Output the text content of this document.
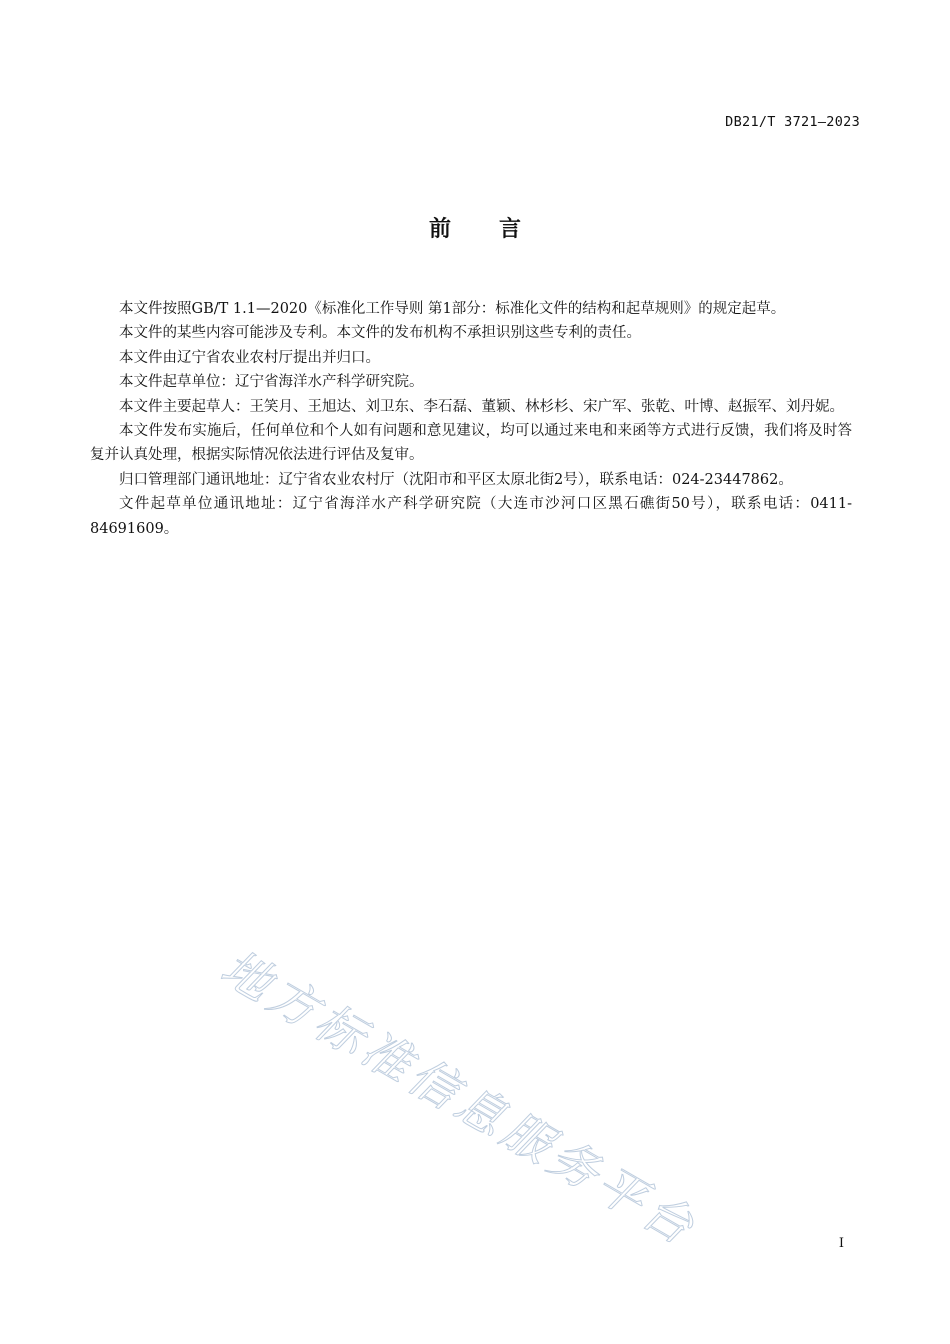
DB21/T 3721—2023
前言

本文件按照GB/T 1.1—2020《标准化工作导则 第1部分：标准化文件的结构和起草规则》的规定起草。

本文件的某些内容可能涉及专利。本文件的发布机构不承担识别这些专利的责任。

本文件由辽宁省农业农村厅提出并归口。

本文件起草单位：辽宁省海洋水产科学研究院。

本文件主要起草人：王笑月、王旭达、刘卫东、李石磊、董颖、林杉杉、宋广军、张乾、叶博、赵振军、刘丹妮。

本文件发布实施后，任何单位和个人如有问题和意见建议，均可以通过来电和来函等方式进行反馈，我们将及时答复并认真处理，根据实际情况依法进行评估及复审。

归口管理部门通讯地址：辽宁省农业农村厅（沈阳市和平区太原北街2号），联系电话：024-23447862。

文件起草单位通讯地址：辽宁省海洋水产科学研究院（大连市沙河口区黑石礁街50号），联系电话：0411-84691609。

地方标准信息服务平台	I
